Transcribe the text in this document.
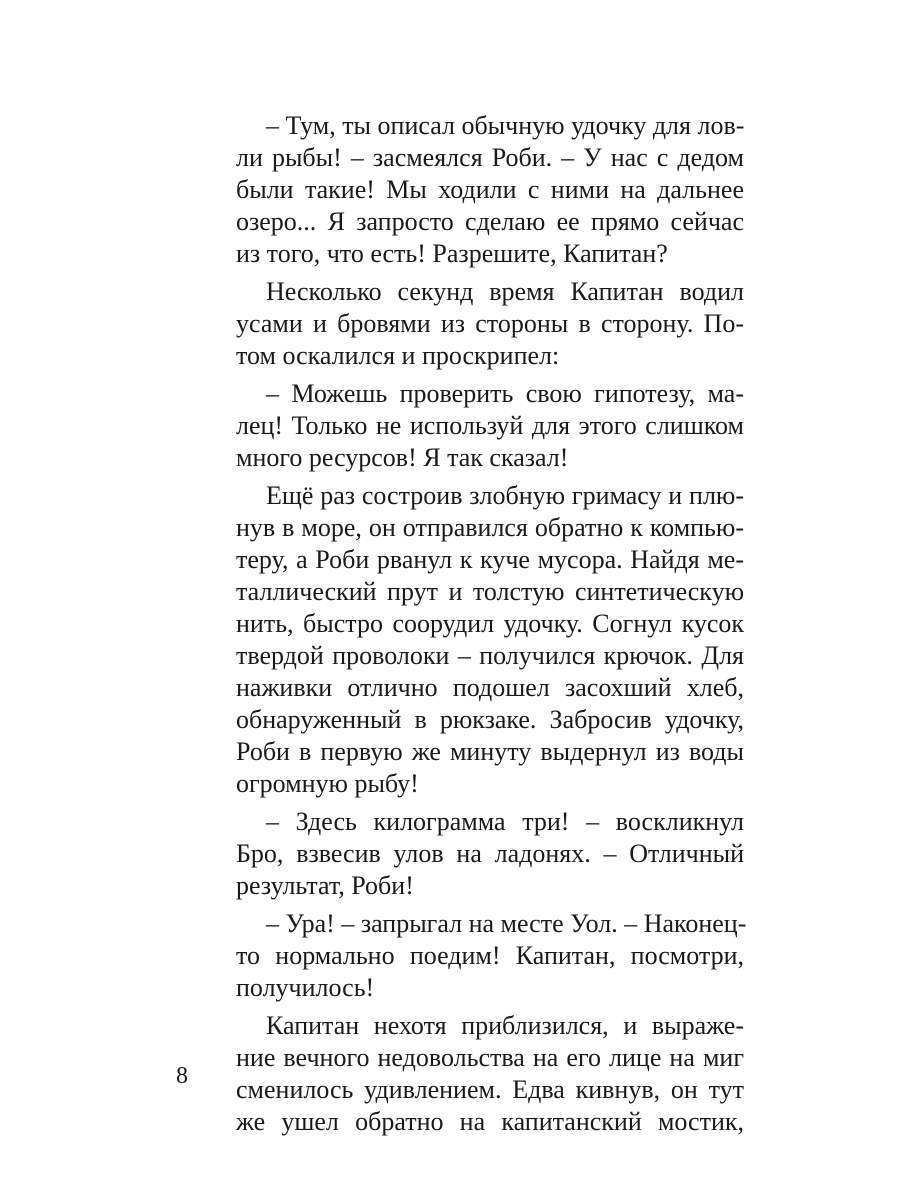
– Тум, ты описал обычную удочку для лов-
ли рыбы! – засмеялся Роби. – У нас с дедом
были такие! Мы ходили с ними на дальнее
озеро... Я запросто сделаю ее прямо сейчас
из того, что есть! Разрешите, Капитан?
Несколько секунд время Капитан водил
усами и бровями из стороны в сторону. По-
том оскалился и проскрипел:
– Можешь проверить свою гипотезу, ма-
лец! Только не используй для этого слишком
много ресурсов! Я так сказал!
Ещё раз состроив злобную гримасу и плю-
нув в море, он отправился обратно к компью-
теру, а Роби рванул к куче мусора. Найдя ме-
таллический прут и толстую синтетическую
нить, быстро соорудил удочку. Согнул кусок
твердой проволоки – получился крючок. Для
наживки отлично подошел засохший хлеб,
обнаруженный в рюкзаке. Забросив удочку,
Роби в первую же минуту выдернул из воды
огромную рыбу!
– Здесь килограмма три! – воскликнул
Бро, взвесив улов на ладонях. – Отличный
результат, Роби!
– Ура! – запрыгал на месте Уол. – Наконец-
то нормально поедим! Капитан, посмотри,
получилось!
Капитан нехотя приблизился, и выраже-
ние вечного недовольства на его лице на миг
сменилось удивлением. Едва кивнув, он тут
же ушел обратно на капитанский мостик,
8
